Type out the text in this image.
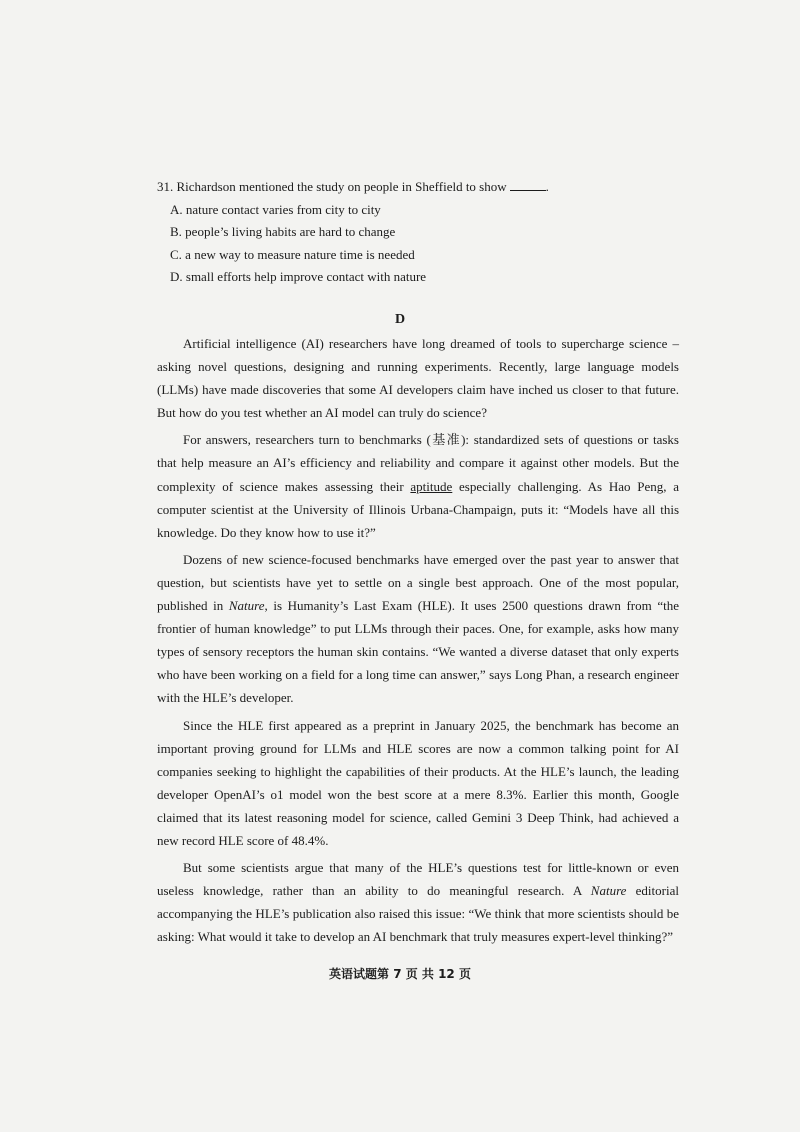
31. Richardson mentioned the study on people in Sheffield to show	.

A. nature contact varies from city to city

B. people’s living habits are hard to change

C. a new way to measure nature time is needed

D. small efforts help improve contact with nature

D

Artificial intelligence (AI) researchers have long dreamed of tools to supercharge science – asking novel questions, designing and running experiments. Recently, large language models (LLMs) have made discoveries that some AI developers claim have inched us closer to that future. But how do you test whether an AI model can truly do science?

For answers, researchers turn to benchmarks (基准): standardized sets of questions or tasks that help measure an AI’s efficiency and reliability and compare it against other models. But the complexity of science makes assessing their aptitude especially challenging. As Hao Peng, a computer scientist at the University of Illinois Urbana-Champaign, puts it: “Models have all this knowledge. Do they know how to use it?”

Dozens of new science-focused benchmarks have emerged over the past year to answer that question, but scientists have yet to settle on a single best approach. One of the most popular, published in Nature, is Humanity’s Last Exam (HLE). It uses 2500 questions drawn from “the frontier of human knowledge” to put LLMs through their paces. One, for example, asks how many types of sensory receptors the human skin contains. “We wanted a diverse dataset that only experts who have been working on a field for a long time can answer,” says Long Phan, a research engineer with the HLE’s developer.

Since the HLE first appeared as a preprint in January 2025, the benchmark has become an important proving ground for LLMs and HLE scores are now a common talking point for AI companies seeking to highlight the capabilities of their products. At the HLE’s launch, the leading developer OpenAI’s o1 model won the best score at a mere 8.3%. Earlier this month, Google claimed that its latest reasoning model for science, called Gemini 3 Deep Think, had achieved a new record HLE score of 48.4%.

But some scientists argue that many of the HLE’s questions test for little-known or even useless knowledge, rather than an ability to do meaningful research. A Nature editorial accompanying the HLE’s publication also raised this issue: “We think that more scientists should be asking: What would it take to develop an AI benchmark that truly measures expert-level thinking?”

英语试题第 7 页 共 12 页
